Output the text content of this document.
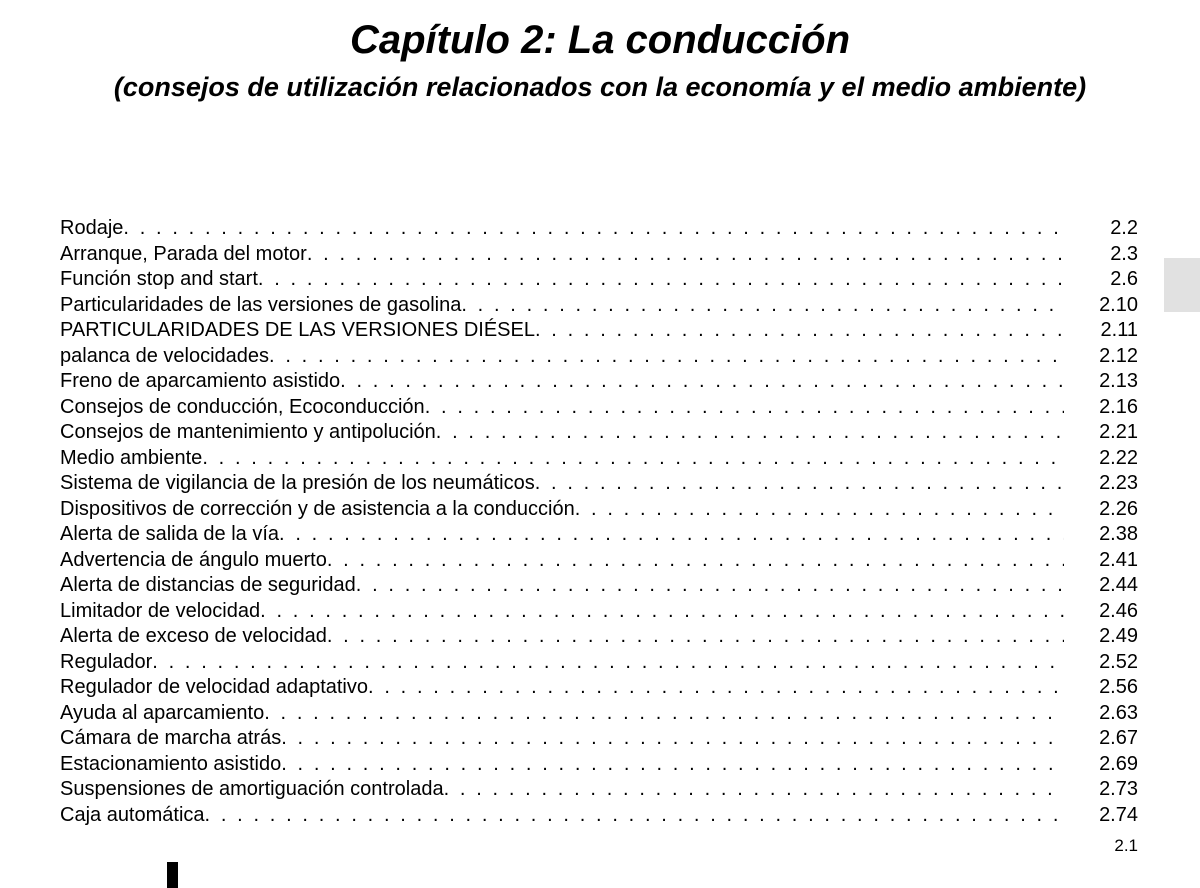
Capítulo 2: La conducción
(consejos de utilización relacionados con la economía y el medio ambiente)
Rodaje . . .	2.2
Arranque, Parada del motor . . .	2.3
Función stop and start . . .	2.6
Particularidades de las versiones de gasolina . . .	2.10
PARTICULARIDADES DE LAS VERSIONES DIÉSEL . . .	2.11
palanca de velocidades . . .	2.12
Freno de aparcamiento asistido . . .	2.13
Consejos de conducción, Ecoconducción . . .	2.16
Consejos de mantenimiento y antipolución . . .	2.21
Medio ambiente . . .	2.22
Sistema de vigilancia de la presión de los neumáticos . . .	2.23
Dispositivos de corrección y de asistencia a la conducción . . .	2.26
Alerta de salida de la vía . . .	2.38
Advertencia de ángulo muerto . . .	2.41
Alerta de distancias de seguridad . . .	2.44
Limitador de velocidad . . .	2.46
Alerta de exceso de velocidad . . .	2.49
Regulador . . .	2.52
Regulador de velocidad adaptativo . . .	2.56
Ayuda al aparcamiento . . .	2.63
Cámara de marcha atrás . . .	2.67
Estacionamiento asistido . . .	2.69
Suspensiones de amortiguación controlada . . .	2.73
Caja automática . . .	2.74
2.1
